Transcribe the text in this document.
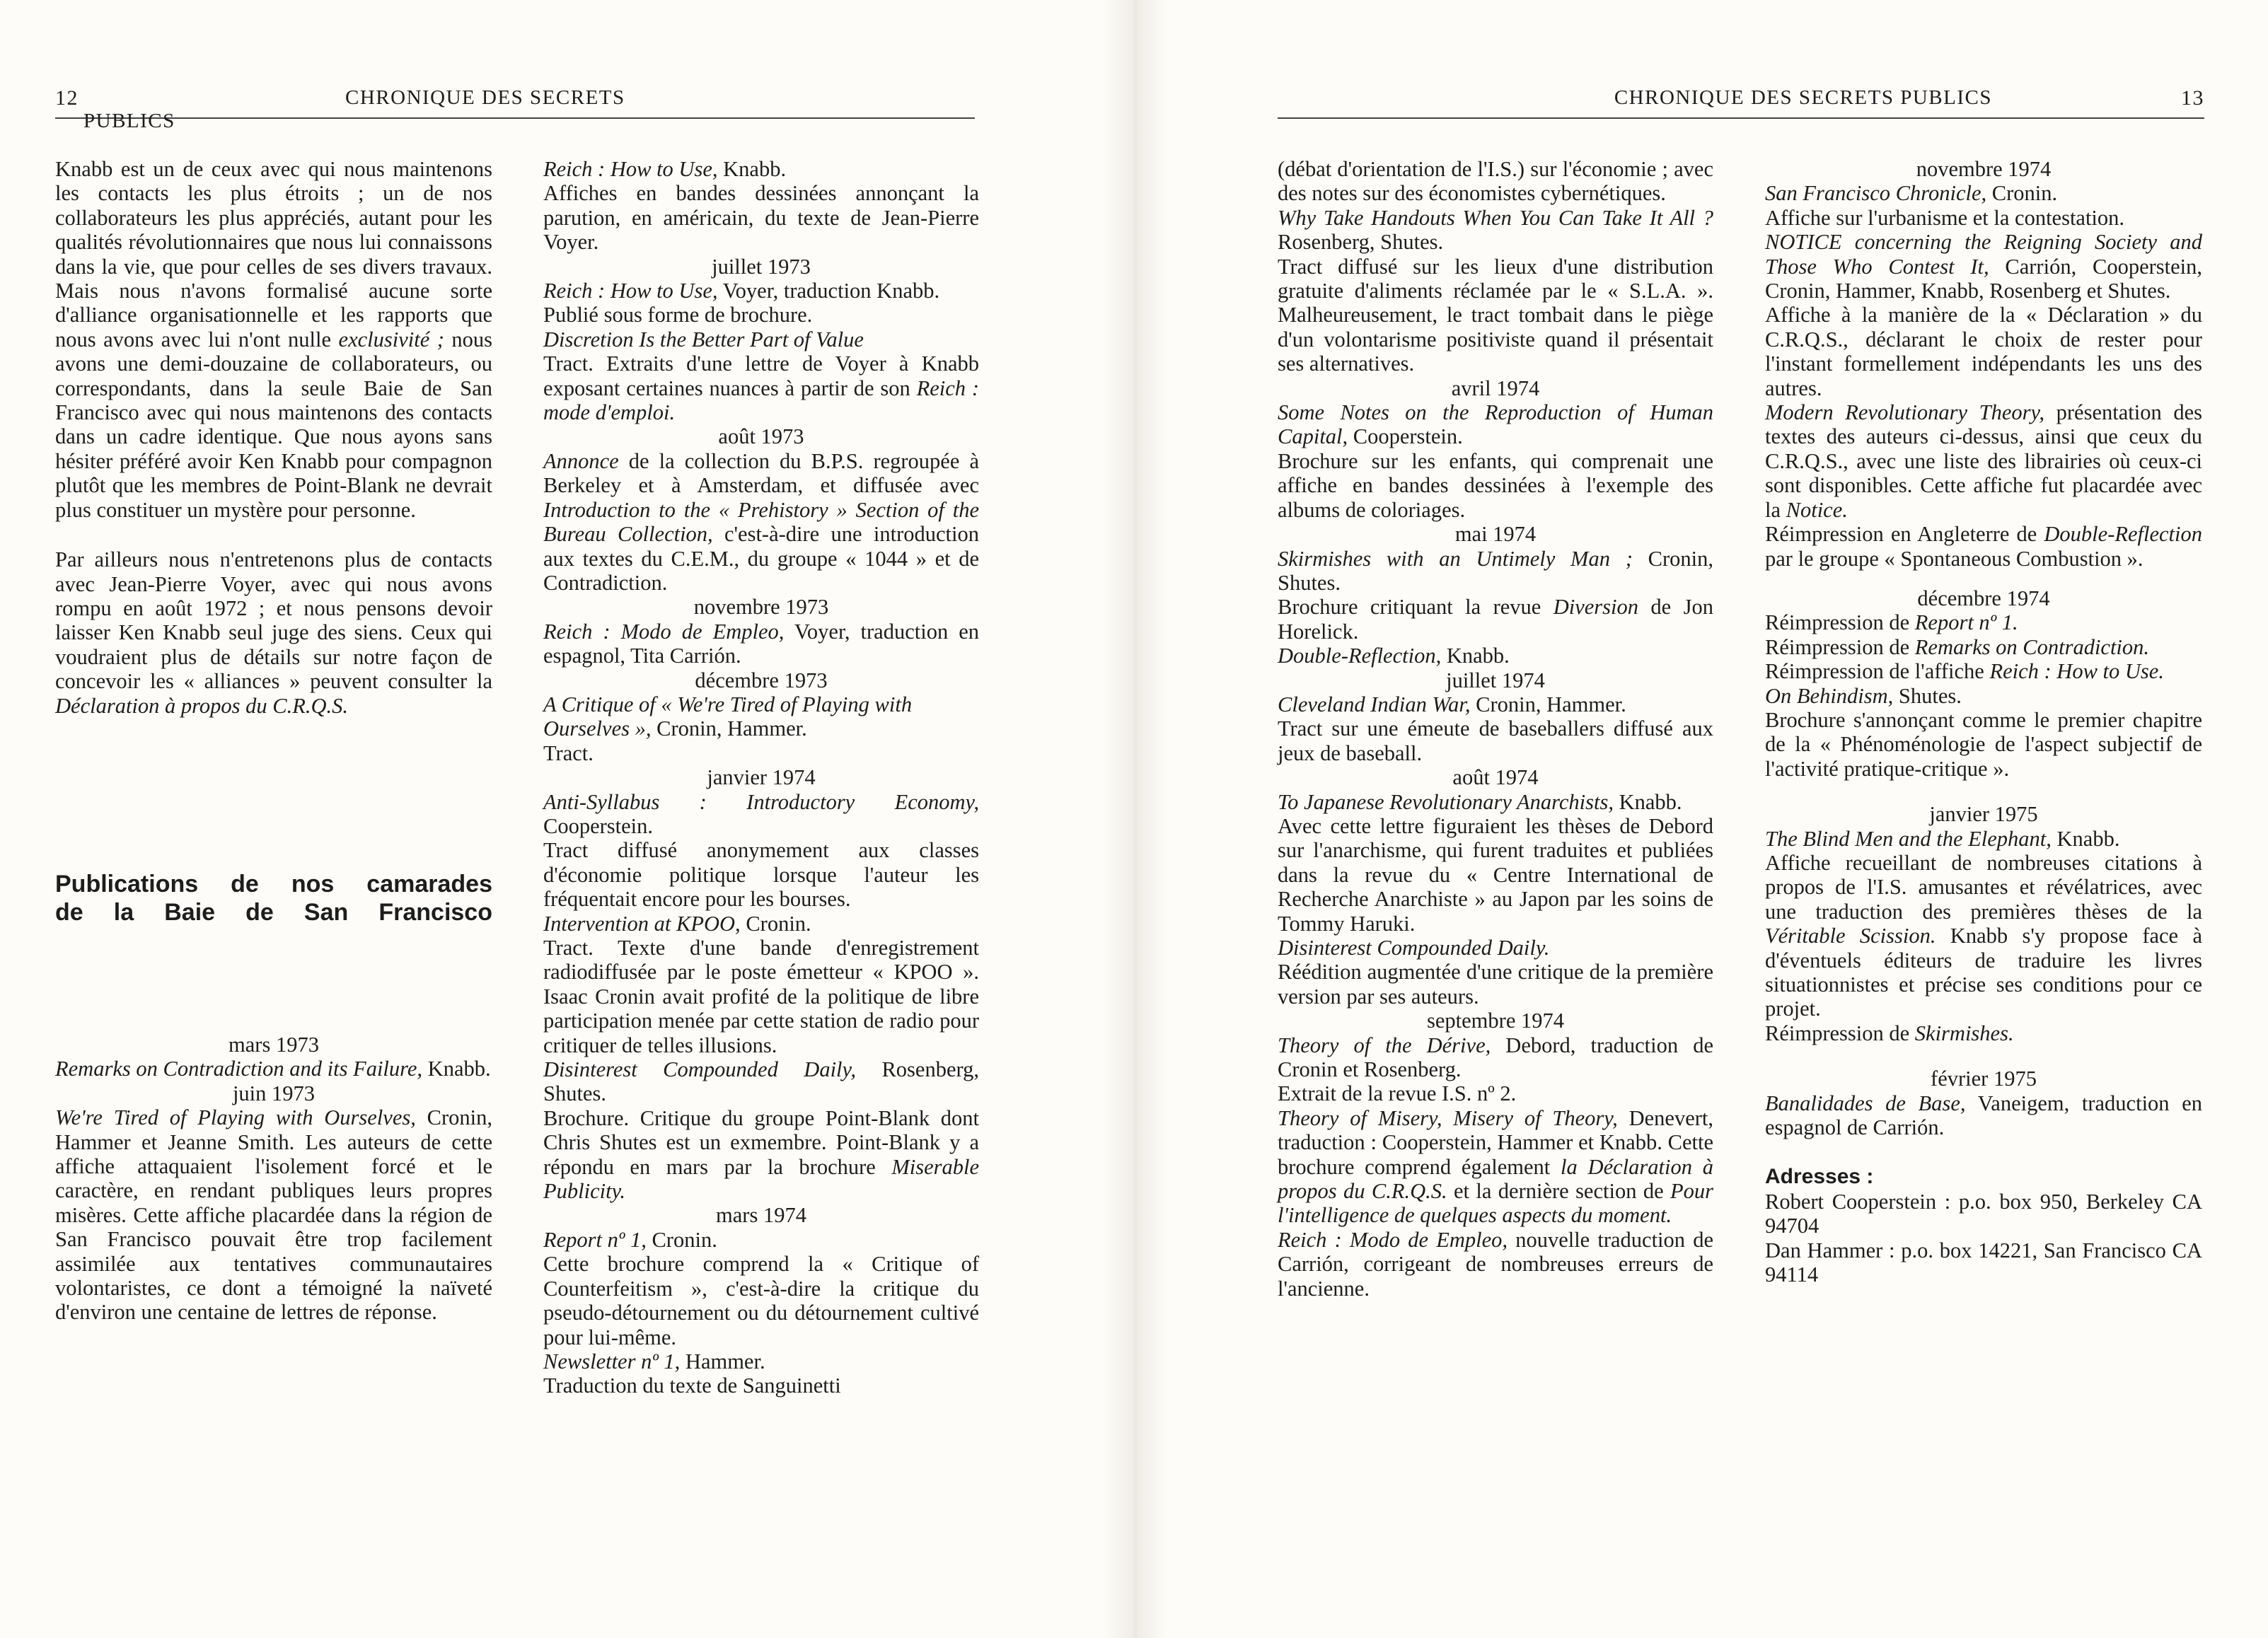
12	CHRONIQUE DES SECRETS PUBLICS
CHRONIQUE DES SECRETS PUBLICS	13

Knabb est un de ceux avec qui nous maintenons les contacts les plus étroits ; un de nos collaborateurs les plus appréciés, autant pour les qualités révolutionnaires que nous lui connaissons dans la vie, que pour celles de ses divers travaux. Mais nous n'avons formalisé aucune sorte d'alliance organisationnelle et les rapports que nous avons avec lui n'ont nulle exclusivité ; nous avons une demi-douzaine de collaborateurs, ou correspondants, dans la seule Baie de San Francisco avec qui nous maintenons des contacts dans un cadre identique. Que nous ayons sans hésiter préféré avoir Ken Knabb pour compagnon plutôt que les membres de Point-Blank ne devrait plus constituer un mystère pour personne.

Par ailleurs nous n'entretenons plus de contacts avec Jean-Pierre Voyer, avec qui nous avons rompu en août 1972 ; et nous pensons devoir laisser Ken Knabb seul juge des siens. Ceux qui voudraient plus de détails sur notre façon de concevoir les « alliances » peuvent consulter la Déclaration à propos du C.R.Q.S.

Publications de nos camarades
de la Baie de San Francisco

mars 1973

Remarks on Contradiction and its Failure, Knabb.

juin 1973

We're Tired of Playing with Ourselves, Cronin, Hammer et Jeanne Smith. Les auteurs de cette affiche attaquaient l'isolement forcé et le caractère, en rendant publiques leurs propres misères. Cette affiche placardée dans la région de San Francisco pouvait être trop facilement assimilée aux tentatives communautaires volontaristes, ce dont a témoigné la naïveté d'environ une centaine de lettres de réponse.

Reich : How to Use, Knabb.

Affiches en bandes dessinées annonçant la parution, en américain, du texte de Jean-Pierre Voyer.

juillet 1973

Reich : How to Use, Voyer, traduction Knabb.

Publié sous forme de brochure.

Discretion Is the Better Part of Value

Tract. Extraits d'une lettre de Voyer à Knabb exposant certaines nuances à partir de son Reich : mode d'emploi.

août 1973

Annonce de la collection du B.P.S. regroupée à Berkeley et à Amsterdam, et diffusée avec Introduction to the « Prehistory » Section of the Bureau Collection, c'est-à-dire une introduction aux textes du C.E.M., du groupe « 1044 » et de Contradiction.

novembre 1973

Reich : Modo de Empleo, Voyer, traduction en espagnol, Tita Carrión.

décembre 1973

A Critique of « We're Tired of Playing with Ourselves », Cronin, Hammer.

Tract.

janvier 1974

Anti-Syllabus : Introductory Economy, Cooperstein.

Tract diffusé anonymement aux classes d'économie politique lorsque l'auteur les fréquentait encore pour les bourses.

Intervention at KPOO, Cronin.

Tract. Texte d'une bande d'enregistrement radiodiffusée par le poste émetteur « KPOO ». Isaac Cronin avait profité de la politique de libre participation menée par cette station de radio pour critiquer de telles illusions.

Disinterest Compounded Daily, Rosenberg, Shutes.

Brochure. Critique du groupe Point-Blank dont Chris Shutes est un exmembre. Point-Blank y a répondu en mars par la brochure Miserable Publicity.

mars 1974

Report nº 1, Cronin.

Cette brochure comprend la « Critique of Counterfeitism », c'est-à-dire la critique du pseudo-détournement ou du détournement cultivé pour lui-même.

Newsletter nº 1, Hammer.

Traduction du texte de Sanguinetti

(débat d'orientation de l'I.S.) sur l'économie ; avec des notes sur des économistes cybernétiques.

Why Take Handouts When You Can Take It All ? Rosenberg, Shutes.

Tract diffusé sur les lieux d'une distribution gratuite d'aliments réclamée par le « S.L.A. ». Malheureusement, le tract tombait dans le piège d'un volontarisme positiviste quand il présentait ses alternatives.

avril 1974

Some Notes on the Reproduction of Human Capital, Cooperstein.

Brochure sur les enfants, qui comprenait une affiche en bandes dessinées à l'exemple des albums de coloriages.

mai 1974

Skirmishes with an Untimely Man ; Cronin, Shutes.

Brochure critiquant la revue Diversion de Jon Horelick.

Double-Reflection, Knabb.

juillet 1974

Cleveland Indian War, Cronin, Hammer.

Tract sur une émeute de baseballers diffusé aux jeux de baseball.

août 1974

To Japanese Revolutionary Anarchists, Knabb.

Avec cette lettre figuraient les thèses de Debord sur l'anarchisme, qui furent traduites et publiées dans la revue du « Centre International de Recherche Anarchiste » au Japon par les soins de Tommy Haruki.

Disinterest Compounded Daily.

Réédition augmentée d'une critique de la première version par ses auteurs.

septembre 1974

Theory of the Dérive, Debord, traduction de Cronin et Rosenberg.

Extrait de la revue I.S. nº 2.

Theory of Misery, Misery of Theory, Denevert, traduction : Cooperstein, Hammer et Knabb. Cette brochure comprend également la Déclaration à propos du C.R.Q.S. et la dernière section de Pour l'intelligence de quelques aspects du moment.

Reich : Modo de Empleo, nouvelle traduction de Carrión, corrigeant de nombreuses erreurs de l'ancienne.

novembre 1974

San Francisco Chronicle, Cronin.

Affiche sur l'urbanisme et la contestation.

NOTICE concerning the Reigning Society and Those Who Contest It, Carrión, Cooperstein, Cronin, Hammer, Knabb, Rosenberg et Shutes.

Affiche à la manière de la « Déclaration » du C.R.Q.S., déclarant le choix de rester pour l'instant formellement indépendants les uns des autres.

Modern Revolutionary Theory, présentation des textes des auteurs ci-dessus, ainsi que ceux du C.R.Q.S., avec une liste des librairies où ceux-ci sont disponibles. Cette affiche fut placardée avec la Notice.

Réimpression en Angleterre de Double-Reflection par le groupe « Spontaneous Combustion ».

décembre 1974

Réimpression de Report nº 1.

Réimpression de Remarks on Contradiction.

Réimpression de l'affiche Reich : How to Use.

On Behindism, Shutes.

Brochure s'annonçant comme le premier chapitre de la « Phénoménologie de l'aspect subjectif de l'activité pratique-critique ».

janvier 1975

The Blind Men and the Elephant, Knabb.

Affiche recueillant de nombreuses citations à propos de l'I.S. amusantes et révélatrices, avec une traduction des premières thèses de la Véritable Scission. Knabb s'y propose face à d'éventuels éditeurs de traduire les livres situationnistes et précise ses conditions pour ce projet.

Réimpression de Skirmishes.

février 1975

Banalidades de Base, Vaneigem, traduction en espagnol de Carrión.

Adresses :

Robert Cooperstein : p.o. box 950, Berkeley CA 94704

Dan Hammer : p.o. box 14221, San Francisco CA 94114
